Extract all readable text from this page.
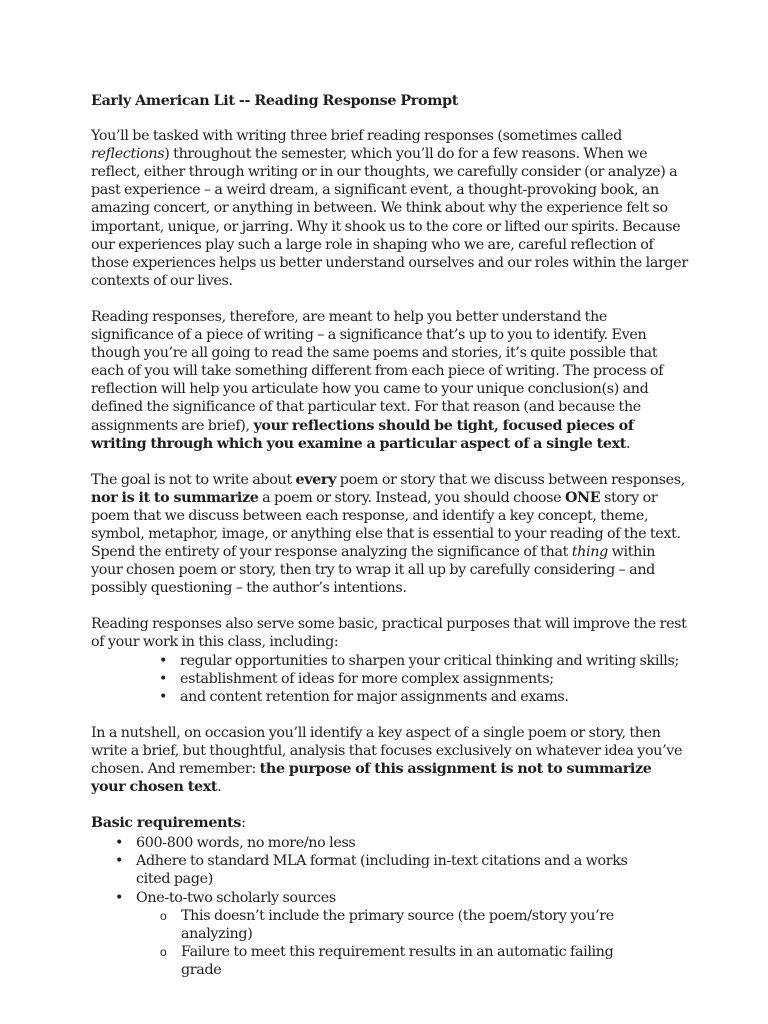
Early American Lit -- Reading Response Prompt

You’ll be tasked with writing three brief reading responses (sometimes called reflections) throughout the semester, which you’ll do for a few reasons. When we reflect, either through writing or in our thoughts, we carefully consider (or analyze) a past experience – a weird dream, a significant event, a thought-provoking book, an amazing concert, or anything in between. We think about why the experience felt so important, unique, or jarring. Why it shook us to the core or lifted our spirits. Because our experiences play such a large role in shaping who we are, careful reflection of those experiences helps us better understand ourselves and our roles within the larger contexts of our lives.

Reading responses, therefore, are meant to help you better understand the significance of a piece of writing – a significance that’s up to you to identify. Even though you’re all going to read the same poems and stories, it’s quite possible that each of you will take something different from each piece of writing. The process of reflection will help you articulate how you came to your unique conclusion(s) and defined the significance of that particular text. For that reason (and because the assignments are brief), your reflections should be tight, focused pieces of writing through which you examine a particular aspect of a single text.

The goal is not to write about every poem or story that we discuss between responses, nor is it to summarize a poem or story. Instead, you should choose ONE story or poem that we discuss between each response, and identify a key concept, theme, symbol, metaphor, image, or anything else that is essential to your reading of the text. Spend the entirety of your response analyzing the significance of that thing within your chosen poem or story, then try to wrap it all up by carefully considering – and possibly questioning – the author’s intentions.

Reading responses also serve some basic, practical purposes that will improve the rest of your work in this class, including:

• regular opportunities to sharpen your critical thinking and writing skills;
• establishment of ideas for more complex assignments;
• and content retention for major assignments and exams.

In a nutshell, on occasion you’ll identify a key aspect of a single poem or story, then write a brief, but thoughtful, analysis that focuses exclusively on whatever idea you’ve chosen. And remember: the purpose of this assignment is not to summarize your chosen text.

Basic requirements:
• 600-800 words, no more/no less
• Adhere to standard MLA format (including in-text citations and a works cited page)
• One-to-two scholarly sources
o This doesn’t include the primary source (the poem/story you’re analyzing)
o Failure to meet this requirement results in an automatic failing grade
